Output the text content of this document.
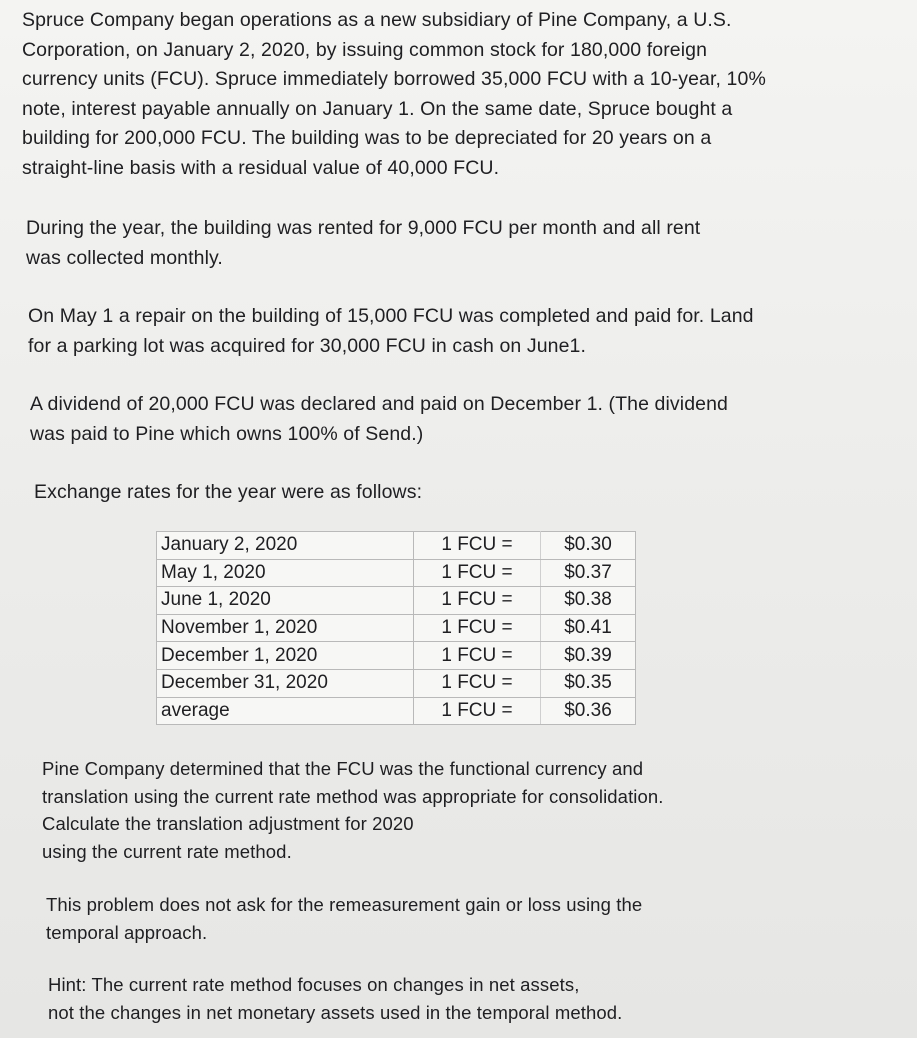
Spruce Company began operations as a new subsidiary of Pine Company, a U.S.
Corporation, on January 2, 2020, by issuing common stock for 180,000 foreign
currency units (FCU). Spruce immediately borrowed 35,000 FCU with a 10-year, 10%
note, interest payable annually on January 1. On the same date, Spruce bought a
building for 200,000 FCU. The building was to be depreciated for 20 years on a
straight-line basis with a residual value of 40,000 FCU.
During the year, the building was rented for 9,000 FCU per month and all rent
was collected monthly.
On May 1 a repair on the building of 15,000 FCU was completed and paid for. Land
for a parking lot was acquired for 30,000 FCU in cash on June1.
A dividend of 20,000 FCU was declared and paid on December 1. (The dividend
was paid to Pine which owns 100% of Send.)
Exchange rates for the year were as follows:
January 2, 2020	1 FCU =	$0.30
May 1, 2020	1 FCU =	$0.37
June 1, 2020	1 FCU =	$0.38
November 1, 2020	1 FCU =	$0.41
December 1, 2020	1 FCU =	$0.39
December 31, 2020	1 FCU =	$0.35
average	1 FCU =	$0.36
Pine Company determined that the FCU was the functional currency and
translation using the current rate method was appropriate for consolidation.
Calculate the translation adjustment for 2020
using the current rate method.
This problem does not ask for the remeasurement gain or loss using the
temporal approach.
Hint: The current rate method focuses on changes in net assets,
not the changes in net monetary assets used in the temporal method.
